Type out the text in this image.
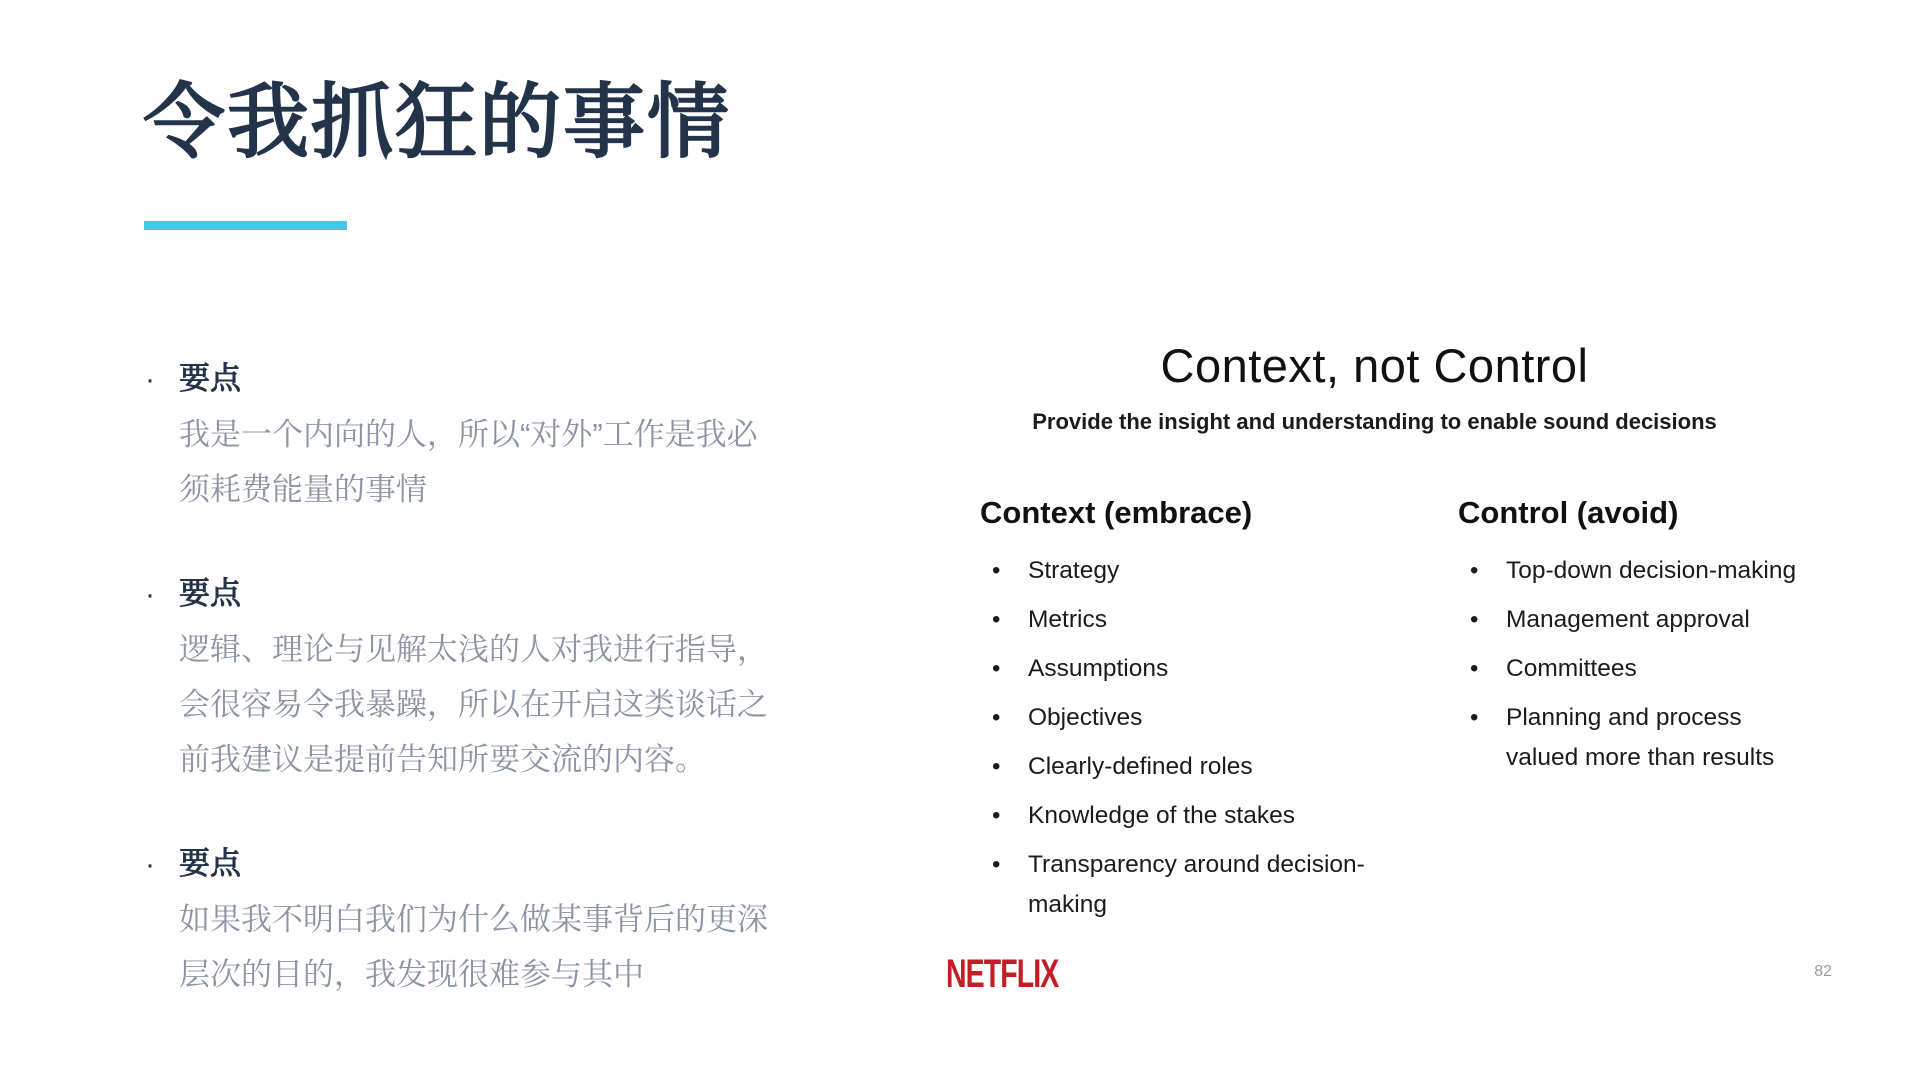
令我抓狂的事情
· 要点
我是一个内向的人，所以“对外”工作是我必须耗费能量的事情
· 要点
逻辑、理论与见解太浅的人对我进行指导，会很容易令我暴躁，所以在开启这类谈话之前我建议是提前告知所要交流的内容。
· 要点
如果我不明白我们为什么做某事背后的更深层次的目的，我发现很难参与其中
Context, not Control
Provide the insight and understanding to enable sound decisions
Context (embrace)
• Strategy
• Metrics
• Assumptions
• Objectives
• Clearly-defined roles
• Knowledge of the stakes
• Transparency around decision-making
Control (avoid)
• Top-down decision-making
• Management approval
• Committees
• Planning and process valued more than results
NETFLIX	82
